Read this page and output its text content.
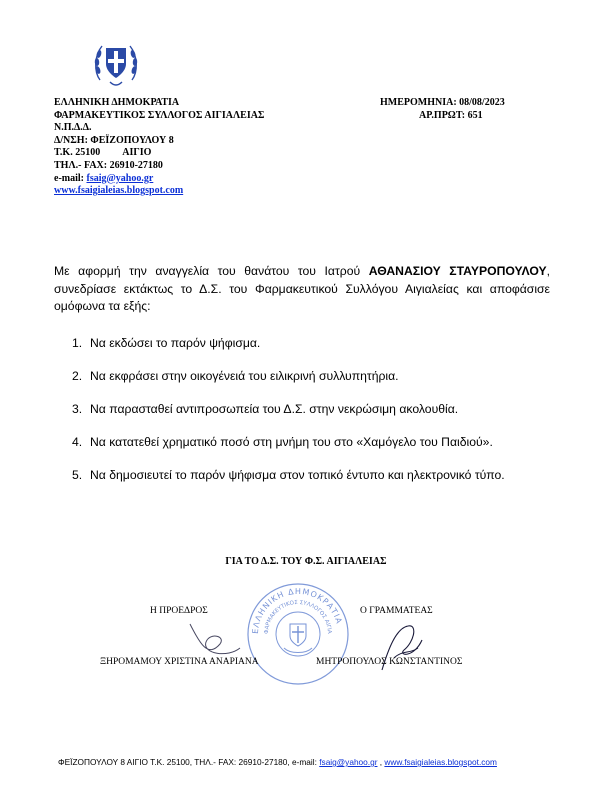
ΕΛΛΗΝΙΚΗ ΔΗΜΟΚΡΑΤΙΑ
ΦΑΡΜΑΚΕΥΤΙΚΟΣ ΣΥΛΛΟΓΟΣ ΑΙΓΙΑΛΕΙΑΣ
Ν.Π.Δ.Δ.
Δ/ΝΣΗ: ΦΕΪΖΟΠΟΥΛΟΥ 8
Τ.Κ. 25100 ΑΙΓΙΟ
ΤΗΛ.- FAX: 26910-27180
e-mail: fsaig@yahoo.gr
www.fsaigialeias.blogspot.com
ΗΜΕΡΟΜΗΝΙΑ: 08/08/2023
ΑΡ.ΠΡΩΤ: 651
Με αφορμή την αναγγελία του θανάτου του Ιατρού ΑΘΑΝΑΣΙΟΥ ΣΤΑΥΡΟΠΟΥΛΟΥ, συνεδρίασε εκτάκτως το Δ.Σ. του Φαρμακευτικού Συλλόγου Αιγιαλείας και αποφάσισε ομόφωνα τα εξής:
1. Να εκδώσει το παρόν ψήφισμα.
2. Να εκφράσει στην οικογένειά του ειλικρινή συλλυπητήρια.
3. Να παρασταθεί αντιπροσωπεία του Δ.Σ. στην νεκρώσιμη ακολουθία.
4. Να κατατεθεί χρηματικό ποσό στη μνήμη του στο «Χαμόγελο του Παιδιού».
5. Να δημοσιευτεί το παρόν ψήφισμα στον τοπικό έντυπο και ηλεκτρονικό τύπο.
ΓΙΑ ΤΟ Δ.Σ. ΤΟΥ Φ.Σ. ΑΙΓΙΑΛΕΙΑΣ
ΕΛΛΗΝΙΚΗ ΔΗΜΟΚΡΑΤΙΑ
ΦΑΡΜΑΚΕΥΤΙΚΟΣ ΣΥΛΛΟΓΟΣ ΑΙΓΙΑ
Η ΠΡΟΕΔΡΟΣ	Ο ΓΡΑΜΜΑΤΕΑΣ
ΞΗΡΟΜΑΜΟΥ ΧΡΙΣΤΙΝΑ ΑΝΑΡΙΑΝΑ	ΜΗΤΡΟΠΟΥΛΟΣ ΚΩΝΣΤΑΝΤΙΝΟΣ
ΦΕΪΖΟΠΟΥΛΟΥ 8 ΑΙΓΙΟ Τ.Κ. 25100, ΤΗΛ.- FAX: 26910-27180, e-mail: fsaig@yahoo.gr , www.fsaigialeias.blogspot.com
